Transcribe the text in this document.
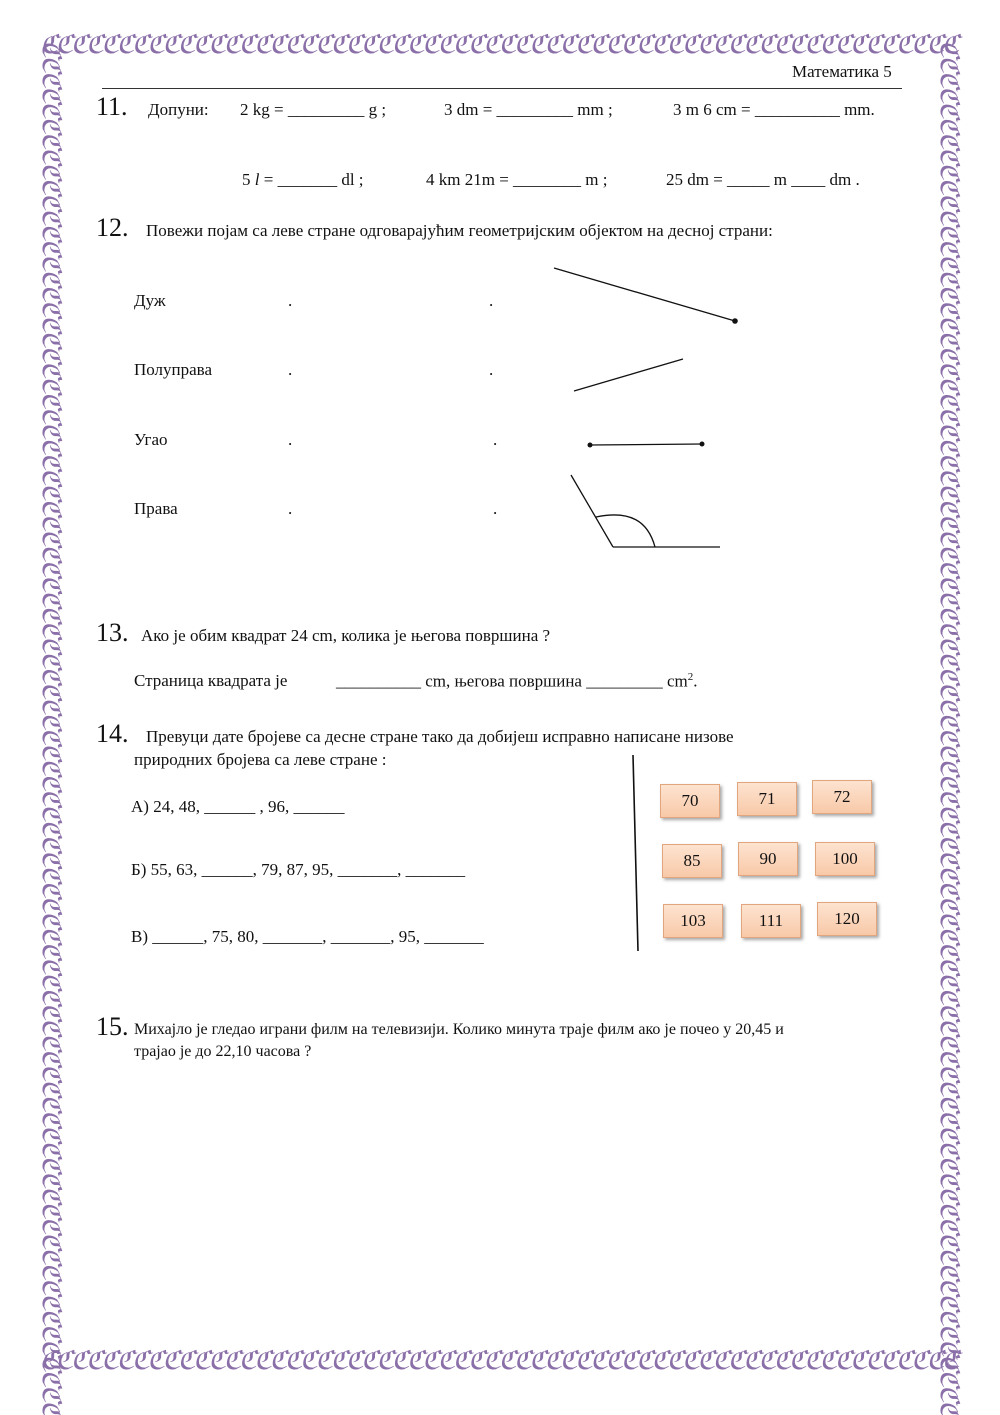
ℭℭℭℭℭℭℭℭℭℭℭℭℭℭℭℭℭℭℭℭℭℭℭℭℭℭℭℭℭℭℭℭℭℭℭℭℭℭℭℭℭℭℭℭℭℭℭℭℭℭℭℭℭℭℭℭℭℭℭℭ
ℭℭℭℭℭℭℭℭℭℭℭℭℭℭℭℭℭℭℭℭℭℭℭℭℭℭℭℭℭℭℭℭℭℭℭℭℭℭℭℭℭℭℭℭℭℭℭℭℭℭℭℭℭℭℭℭℭℭℭℭ
ℭℭℭℭℭℭℭℭℭℭℭℭℭℭℭℭℭℭℭℭℭℭℭℭℭℭℭℭℭℭℭℭℭℭℭℭℭℭℭℭℭℭℭℭℭℭℭℭℭℭℭℭℭℭℭℭℭℭℭℭℭℭℭℭℭℭℭℭℭℭℭℭℭℭℭℭℭℭℭℭℭℭℭℭℭℭℭℭℭℭ	ℭℭℭℭℭℭℭℭℭℭℭℭℭℭℭℭℭℭℭℭℭℭℭℭℭℭℭℭℭℭℭℭℭℭℭℭℭℭℭℭℭℭℭℭℭℭℭℭℭℭℭℭℭℭℭℭℭℭℭℭℭℭℭℭℭℭℭℭℭℭℭℭℭℭℭℭℭℭℭℭℭℭℭℭℭℭℭℭℭℭ
Математика 5
11. Допуни: 2 kg = _________ g ;	3 dm = _________ mm ;	3 m 6 cm = __________ mm.
5 l = _______ dl ;	4 km 21m = ________ m ;	25 dm = _____ m ____ dm .
12. Повежи појам са леве стране одговарајућим геометријским објектом на десној страни:
Дуж
Полуправа
Угао
Права
.
.
.
.
.
.
.
.
13. Ако је обим квадрат 24 cm, колика је његова површина ?
Страница квадрата је	__________ cm, његова површина _________ $cm^2$.
14. Превуци дате бројеве са десне стране тако да добијеш исправно написане низове
природних бројева са леве стране :
А) 24, 48, ______ , 96, ______
Б) 55, 63, ______, 79, 87, 95, _______, _______
В) ______, 75, 80, _______, _______, 95, _______
70	71	72
85	90	100
103	111	120
15. Михајло је гледао играни филм на телевизији. Колико минута траје филм ако је почео у 20,45 и
трајао је до 22,10 часова ?
